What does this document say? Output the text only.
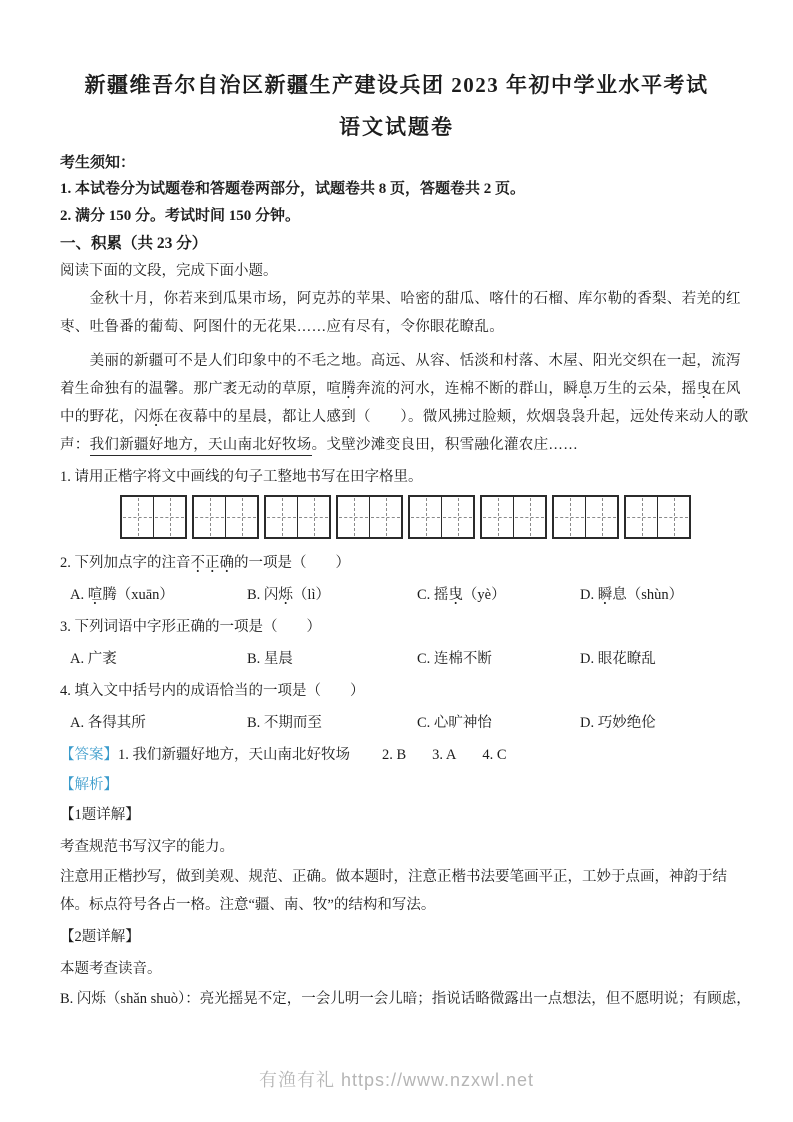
新疆维吾尔自治区新疆生产建设兵团 2023 年初中学业水平考试
语文试题卷
考生须知：
1. 本试卷分为试题卷和答题卷两部分，试题卷共 8 页，答题卷共 2 页。
2. 满分 150 分。考试时间 150 分钟。
一、积累（共 23 分）
阅读下面的文段，完成下面小题。
　　金秋十月，你若来到瓜果市场，阿克苏的苹果、哈密的甜瓜、喀什的石榴、库尔勒的香梨、若羌的红
枣、吐鲁番的葡萄、阿图什的无花果……应有尽有，令你眼花瞭乱。
　　美丽的新疆可不是人们印象中的不毛之地。高远、从容、恬淡和村落、木屋、阳光交织在一起，流泻
着生命独有的温馨。那广袤无动的草原，喧腾奔流的河水，连棉不断的群山，瞬息万生的云朵，摇曳在风
中的野花，闪烁在夜幕中的星晨，都让人感到（　　）。微风拂过脸颊，炊烟袅袅升起，远处传来动人的歌
声：我们新疆好地方，天山南北好牧场。戈壁沙滩变良田，积雪融化灌农庄……
1. 请用正楷字将文中画线的句子工整地书写在田字格里。
2. 下列加点字的注音不正确的一项是（　　）
A. 喧腾（xuān）	B. 闪烁（lì）	C. 摇曳（yè）	D. 瞬息（shùn）
3. 下列词语中字形正确的一项是（　　）
A. 广袤	B. 星晨	C. 连棉不断	D. 眼花瞭乱
4. 填入文中括号内的成语恰当的一项是（　　）
A. 各得其所	B. 不期而至	C. 心旷神怡	D. 巧妙绝伦
【答案】1. 我们新疆好地方，天山南北好牧场 2. B 3. A 4. C
【解析】
【1题详解】
考查规范书写汉字的能力。
注意用正楷抄写，做到美观、规范、正确。做本题时，注意正楷书法要笔画平正，工妙于点画，神韵于结
体。标点符号各占一格。注意“疆、南、牧”的结构和写法。
【2题详解】
本题考查读音。
B. 闪烁（shǎn shuò）：亮光摇晃不定，一会儿明一会儿暗；指说话略微露出一点想法，但不愿明说；有顾虑，
有渔有礼 https://www.nzxwl.net
